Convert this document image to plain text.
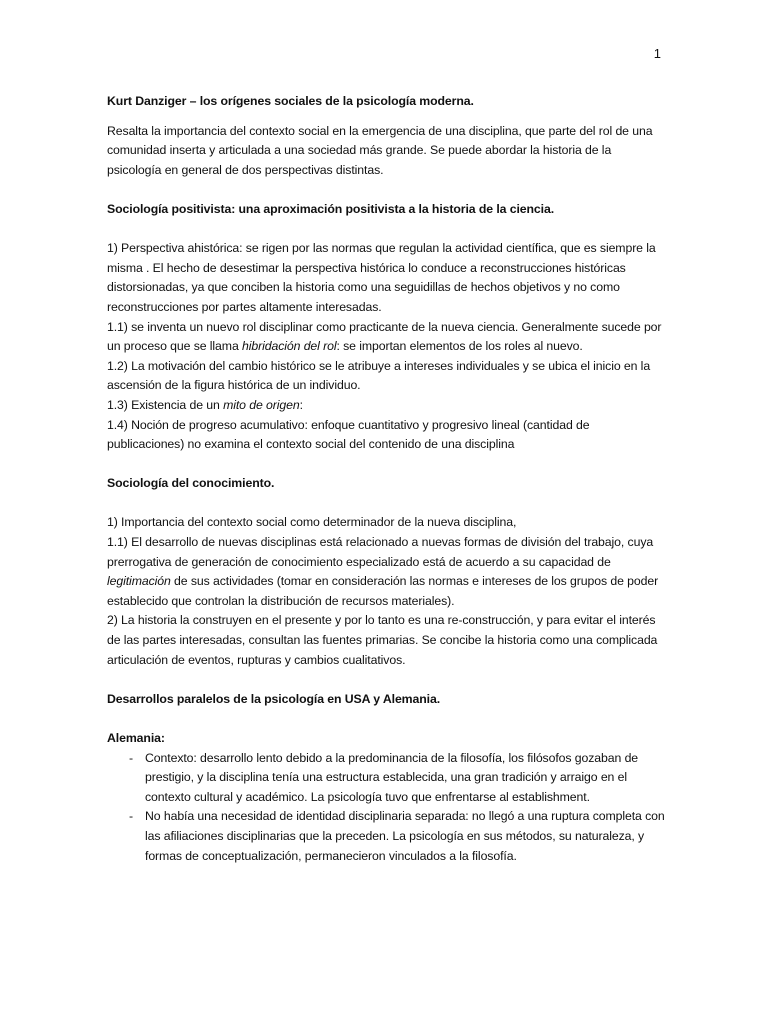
1

Kurt Danziger – los orígenes sociales de la psicología moderna.

Resalta la importancia del contexto social en la emergencia de una disciplina, que parte del rol de una comunidad inserta y articulada a una sociedad más grande. Se puede abordar la historia de la psicología en general de dos perspectivas distintas.

Sociología positivista: una aproximación positivista a la historia de la ciencia.

1) Perspectiva ahistórica: se rigen por las normas que regulan la actividad científica, que es siempre la misma . El hecho de desestimar la perspectiva histórica lo conduce a reconstrucciones históricas distorsionadas, ya que conciben la historia como una seguidillas de hechos objetivos y no como reconstrucciones por partes altamente interesadas.

1.1) se inventa un nuevo rol disciplinar como practicante de la nueva ciencia. Generalmente sucede por un proceso que se llama hibridación del rol: se importan elementos de los roles al nuevo.

1.2) La motivación del cambio histórico se le atribuye a intereses individuales y se ubica el inicio en la ascensión de la figura histórica de un individuo.

1.3) Existencia de un mito de origen:

1.4) Noción de progreso acumulativo: enfoque cuantitativo y progresivo lineal (cantidad de publicaciones) no examina el contexto social del contenido de una disciplina

Sociología del conocimiento.

1) Importancia del contexto social como determinador de la nueva disciplina,

1.1) El desarrollo de nuevas disciplinas está relacionado a nuevas formas de división del trabajo, cuya prerrogativa de generación de conocimiento especializado está de acuerdo a su capacidad de legitimación de sus actividades (tomar en consideración las normas e intereses de los grupos de poder establecido que controlan la distribución de recursos materiales).

2) La historia la construyen en el presente y por lo tanto es una re-construcción, y para evitar el interés de las partes interesadas, consultan las fuentes primarias. Se concibe la historia como una complicada articulación de eventos, rupturas y cambios cualitativos.

Desarrollos paralelos de la psicología en USA y Alemania.

Alemania:

- Contexto: desarrollo lento debido a la predominancia de la filosofía, los filósofos gozaban de prestigio, y la disciplina tenía una estructura establecida, una gran tradición y arraigo en el contexto cultural y académico. La psicología tuvo que enfrentarse al establishment.
- No había una necesidad de identidad disciplinaria separada: no llegó a una ruptura completa con las afiliaciones disciplinarias que la preceden. La psicología en sus métodos, su naturaleza, y formas de conceptualización, permanecieron vinculados a la filosofía.
